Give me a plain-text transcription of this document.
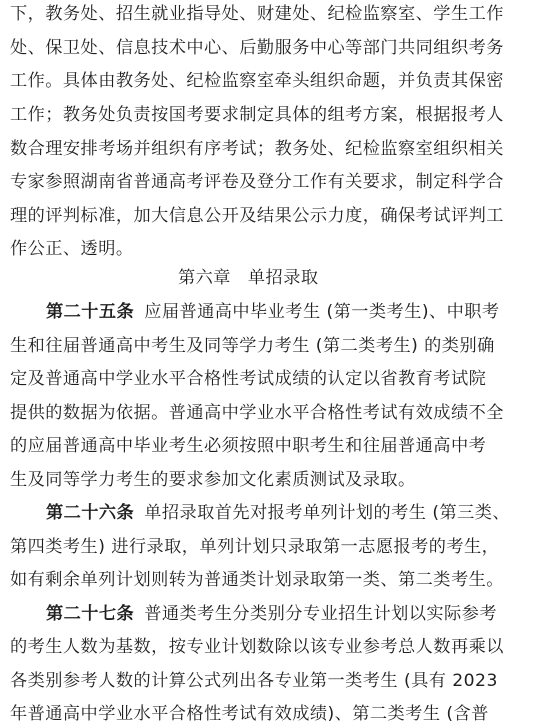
下，教务处、招生就业指导处、财建处、纪检监察室、学生工作
处、保卫处、信息技术中心、后勤服务中心等部门共同组织考务
工作。具体由教务处、纪检监察室牵头组织命题，并负责其保密
工作；教务处负责按国考要求制定具体的组考方案，根据报考人
数合理安排考场并组织有序考试；教务处、纪检监察室组织相关
专家参照湖南省普通高考评卷及登分工作有关要求，制定科学合
理的评判标准，加大信息公开及结果公示力度，确保考试评判工
作公正、透明。
第六章 单招录取
第二十五条 应届普通高中毕业考生 (第一类考生)、中职考
生和往届普通高中考生及同等学力考生 (第二类考生) 的类别确
定及普通高中学业水平合格性考试成绩的认定以省教育考试院
提供的数据为依据。普通高中学业水平合格性考试有效成绩不全
的应届普通高中毕业考生必须按照中职考生和往届普通高中考
生及同等学力考生的要求参加文化素质测试及录取。
第二十六条 单招录取首先对报考单列计划的考生 (第三类、
第四类考生) 进行录取，单列计划只录取第一志愿报考的考生，
如有剩余单列计划则转为普通类计划录取第一类、第二类考生。
第二十七条 普通类考生分类别分专业招生计划以实际参考
的考生人数为基数，按专业计划数除以该专业参考总人数再乘以
各类别参考人数的计算公式列出各专业第一类考生 (具有 2023
年普通高中学业水平合格性考试有效成绩)、第二类考生 (含普
